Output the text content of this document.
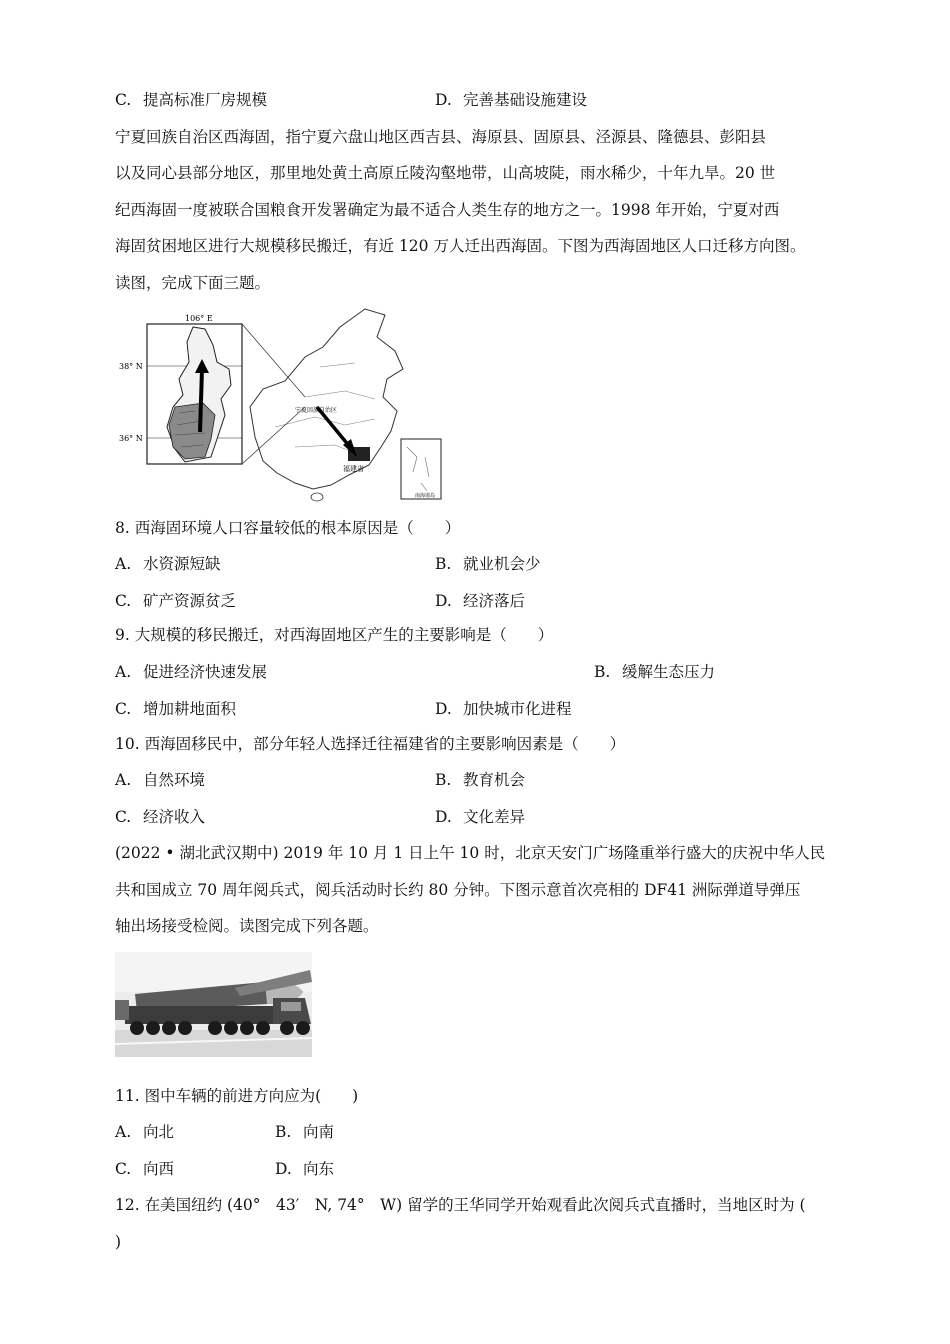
C. 提高标准厂房规模	D. 完善基础设施建设
宁夏回族自治区西海固，指宁夏六盘山地区西吉县、海原县、固原县、泾源县、隆德县、彭阳县
以及同心县部分地区，那里地处黄土高原丘陵沟壑地带，山高坡陡，雨水稀少，十年九旱。20 世
纪西海固一度被联合国粮食开发署确定为最不适合人类生存的地方之一。1998 年开始，宁夏对西
海固贫困地区进行大规模移民搬迁，有近 120 万人迁出西海固。下图为西海固地区人口迁移方向图。
读图，完成下面三题。
106° E
38° N
36° N
福建省
宁夏回族自治区
南海诸岛
8. 西海固环境人口容量较低的根本原因是（　　）
A. 水资源短缺	B. 就业机会少
C. 矿产资源贫乏	D. 经济落后
9. 大规模的移民搬迁，对西海固地区产生的主要影响是（　　）
A. 促进经济快速发展	B. 缓解生态压力
C. 增加耕地面积	D. 加快城市化进程
10. 西海固移民中，部分年轻人选择迁往福建省的主要影响因素是（　　）
A. 自然环境	B. 教育机会
C. 经济收入	D. 文化差异
(2022 • 湖北武汉期中) 2019 年 10 月 1 日上午 10 时，北京天安门广场隆重举行盛大的庆祝中华人民
共和国成立 70 周年阅兵式，阅兵活动时长约 80 分钟。下图示意首次亮相的 DF41 洲际弹道导弹压
轴出场接受检阅。读图完成下列各题。
11. 图中车辆的前进方向应为(　　)
A. 向北	B. 向南
C. 向西	D. 向东
12. 在美国纽约 (40°　43′　N, 74°　W) 留学的王华同学开始观看此次阅兵式直播时，当地区时为 (
)
